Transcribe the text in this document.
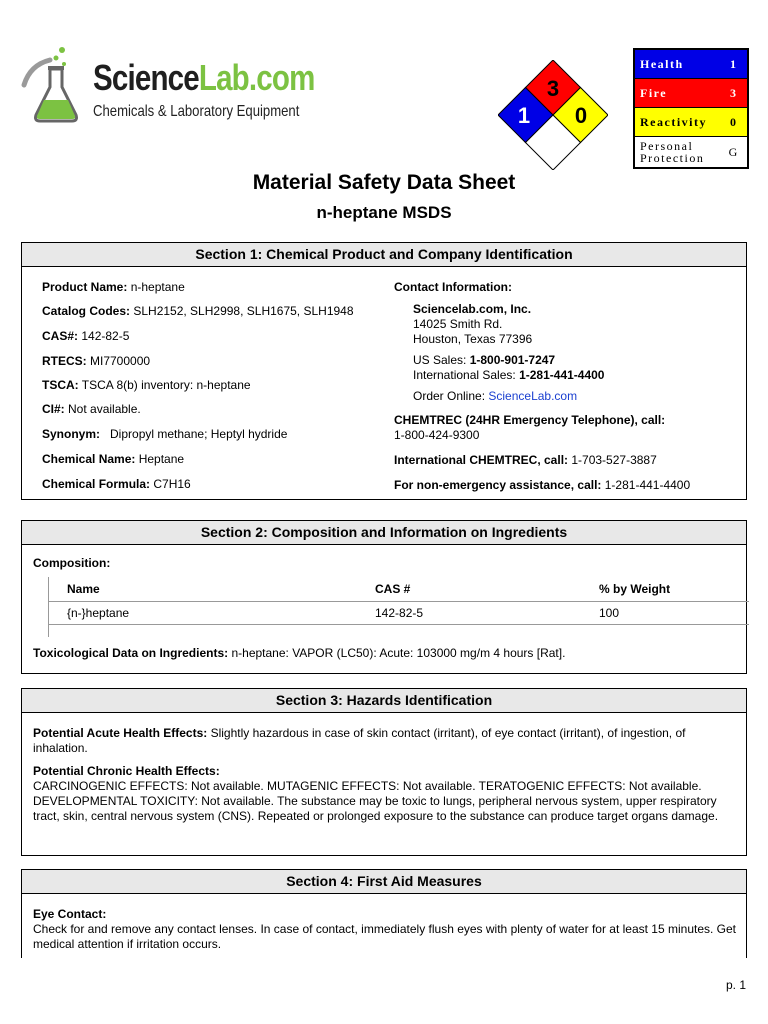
ScienceLab.com
Chemicals & Laboratory Equipment
3
1 0
Health	1
Fire	3
Reactivity	0
Personal
Protection	G
Material Safety Data Sheet
n-heptane MSDS
Section 1: Chemical Product and Company Identification
Product Name: n-heptane
Catalog Codes: SLH2152, SLH2998, SLH1675, SLH1948
CAS#: 142-82-5
RTECS: MI7700000
TSCA: TSCA 8(b) inventory: n-heptane
CI#: Not available.
Synonym:   Dipropyl methane; Heptyl hydride
Chemical Name: Heptane
Chemical Formula: C7H16
Contact Information:
Sciencelab.com, Inc.
14025 Smith Rd.
Houston, Texas 77396
US Sales: 1-800-901-7247
International Sales: 1-281-441-4400
Order Online: ScienceLab.com
CHEMTREC (24HR Emergency Telephone), call:
1-800-424-9300
International CHEMTREC, call: 1-703-527-3887
For non-emergency assistance, call: 1-281-441-4400
Section 2: Composition and Information on Ingredients
Composition:
Name	CAS #	% by Weight
{n-}heptane	142-82-5	100
Toxicological Data on Ingredients: n-heptane: VAPOR (LC50): Acute: 103000 mg/m 4 hours [Rat].
Section 3: Hazards Identification
Potential Acute Health Effects: Slightly hazardous in case of skin contact (irritant), of eye contact (irritant), of ingestion, of inhalation.
Potential Chronic Health Effects:
CARCINOGENIC EFFECTS: Not available. MUTAGENIC EFFECTS: Not available. TERATOGENIC EFFECTS: Not available. DEVELOPMENTAL TOXICITY: Not available. The substance may be toxic to lungs, peripheral nervous system, upper respiratory tract, skin, central nervous system (CNS). Repeated or prolonged exposure to the substance can produce target organs damage.
Section 4: First Aid Measures
Eye Contact:
Check for and remove any contact lenses. In case of contact, immediately flush eyes with plenty of water for at least 15 minutes. Get medical attention if irritation occurs.
p. 1
